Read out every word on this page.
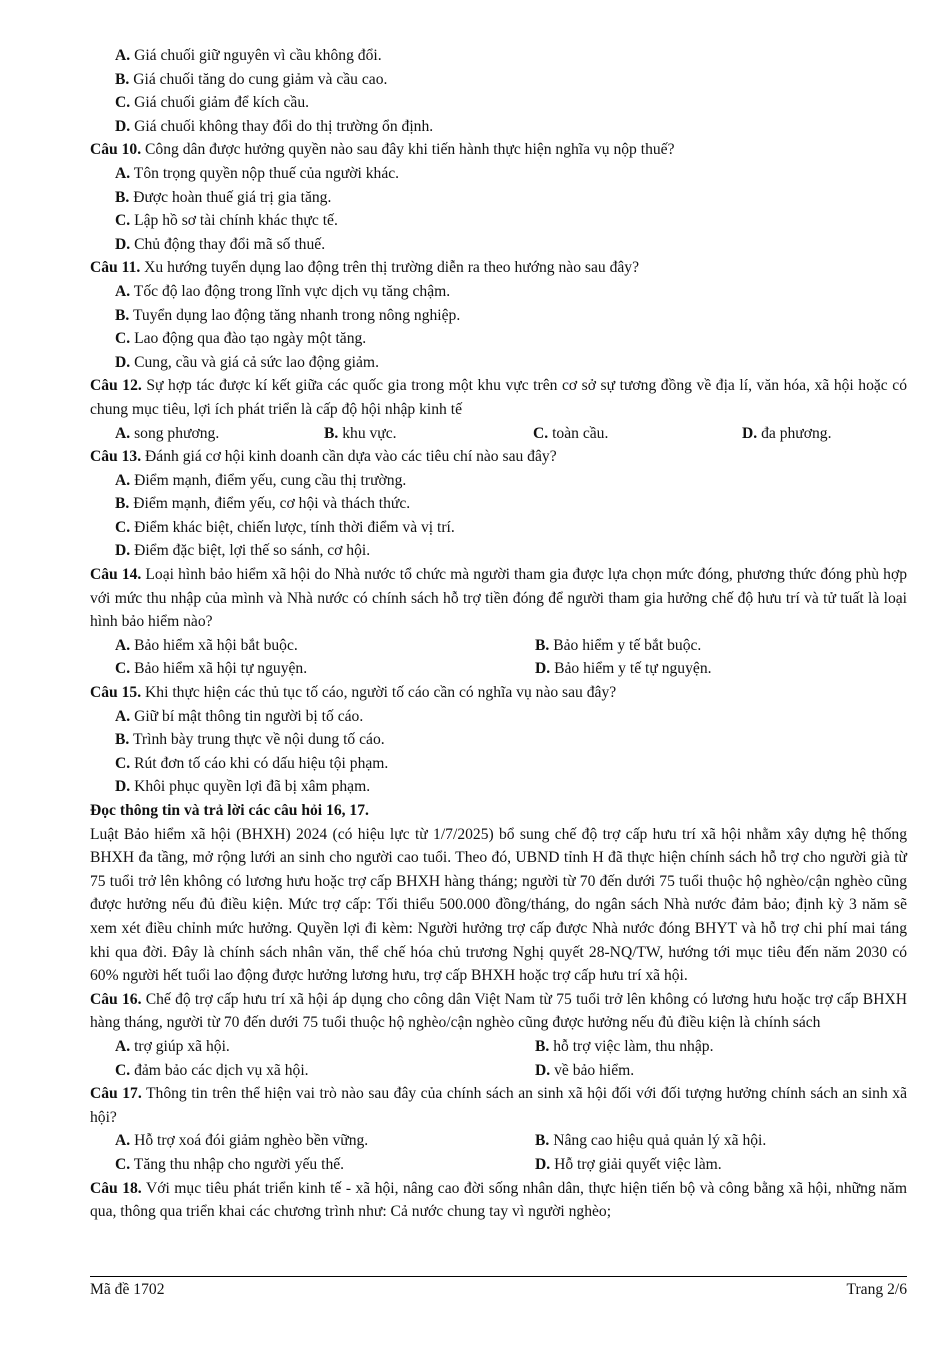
A. Giá chuối giữ nguyên vì cầu không đổi.
B. Giá chuối tăng do cung giảm và cầu cao.
C. Giá chuối giảm để kích cầu.
D. Giá chuối không thay đổi do thị trường ổn định.
Câu 10. Công dân được hưởng quyền nào sau đây khi tiến hành thực hiện nghĩa vụ nộp thuế?
A. Tôn trọng quyền nộp thuế của người khác.
B. Được hoàn thuế giá trị gia tăng.
C. Lập hồ sơ tài chính khác thực tế.
D. Chủ động thay đổi mã số thuế.
Câu 11. Xu hướng tuyển dụng lao động trên thị trường diễn ra theo hướng nào sau đây?
A. Tốc độ lao động trong lĩnh vực dịch vụ tăng chậm.
B. Tuyển dụng lao động tăng nhanh trong nông nghiệp.
C. Lao động qua đào tạo ngày một tăng.
D. Cung, cầu và giá cả sức lao động giảm.
Câu 12. Sự hợp tác được kí kết giữa các quốc gia trong một khu vực trên cơ sở sự tương đồng về địa lí, văn hóa, xã hội hoặc có chung mục tiêu, lợi ích phát triển là cấp độ hội nhập kinh tế
A. song phương.	B. khu vực.	C. toàn cầu.	D. đa phương.
Câu 13. Đánh giá cơ hội kinh doanh cần dựa vào các tiêu chí nào sau đây?
A. Điểm mạnh, điểm yếu, cung cầu thị trường.
B. Điểm mạnh, điểm yếu, cơ hội và thách thức.
C. Điểm khác biệt, chiến lược, tính thời điểm và vị trí.
D. Điểm đặc biệt, lợi thế so sánh, cơ hội.
Câu 14. Loại hình bảo hiểm xã hội do Nhà nước tổ chức mà người tham gia được lựa chọn mức đóng, phương thức đóng phù hợp với mức thu nhập của mình và Nhà nước có chính sách hỗ trợ tiền đóng để người tham gia hưởng chế độ hưu trí và tử tuất là loại hình bảo hiểm nào?
A. Bảo hiểm xã hội bắt buộc.	B. Bảo hiểm y tế bắt buộc.
C. Bảo hiểm xã hội tự nguyện.	D. Bảo hiểm y tế tự nguyện.
Câu 15. Khi thực hiện các thủ tục tố cáo, người tố cáo cần có nghĩa vụ nào sau đây?
A. Giữ bí mật thông tin người bị tố cáo.
B. Trình bày trung thực về nội dung tố cáo.
C. Rút đơn tố cáo khi có dấu hiệu tội phạm.
D. Khôi phục quyền lợi đã bị xâm phạm.
Đọc thông tin và trả lời các câu hỏi 16, 17.
Luật Bảo hiểm xã hội (BHXH) 2024 (có hiệu lực từ 1/7/2025) bổ sung chế độ trợ cấp hưu trí xã hội nhằm xây dựng hệ thống BHXH đa tầng, mở rộng lưới an sinh cho người cao tuổi. Theo đó, UBND tỉnh H đã thực hiện chính sách hỗ trợ cho người già từ 75 tuổi trở lên không có lương hưu hoặc trợ cấp BHXH hàng tháng; người từ 70 đến dưới 75 tuổi thuộc hộ nghèo/cận nghèo cũng được hưởng nếu đủ điều kiện. Mức trợ cấp: Tối thiểu 500.000 đồng/tháng, do ngân sách Nhà nước đảm bảo; định kỳ 3 năm sẽ xem xét điều chỉnh mức hưởng. Quyền lợi đi kèm: Người hưởng trợ cấp được Nhà nước đóng BHYT và hỗ trợ chi phí mai táng khi qua đời. Đây là chính sách nhân văn, thể chế hóa chủ trương Nghị quyết 28-NQ/TW, hướng tới mục tiêu đến năm 2030 có 60% người hết tuổi lao động được hưởng lương hưu, trợ cấp BHXH hoặc trợ cấp hưu trí xã hội.
Câu 16. Chế độ trợ cấp hưu trí xã hội áp dụng cho công dân Việt Nam từ 75 tuổi trở lên không có lương hưu hoặc trợ cấp BHXH hàng tháng, người từ 70 đến dưới 75 tuổi thuộc hộ nghèo/cận nghèo cũng được hưởng nếu đủ điều kiện là chính sách
A. trợ giúp xã hội.	B. hỗ trợ việc làm, thu nhập.
C. đảm bảo các dịch vụ xã hội.	D. về bảo hiểm.
Câu 17. Thông tin trên thể hiện vai trò nào sau đây của chính sách an sinh xã hội đối với đối tượng hưởng chính sách an sinh xã hội?
A. Hỗ trợ xoá đói giảm nghèo bền vững.	B. Nâng cao hiệu quả quản lý xã hội.
C. Tăng thu nhập cho người yếu thế.	D. Hỗ trợ giải quyết việc làm.
Câu 18. Với mục tiêu phát triển kinh tế - xã hội, nâng cao đời sống nhân dân, thực hiện tiến bộ và công bằng xã hội, những năm qua, thông qua triển khai các chương trình như: Cả nước chung tay vì người nghèo;
Mã đề 1702	Trang 2/6
